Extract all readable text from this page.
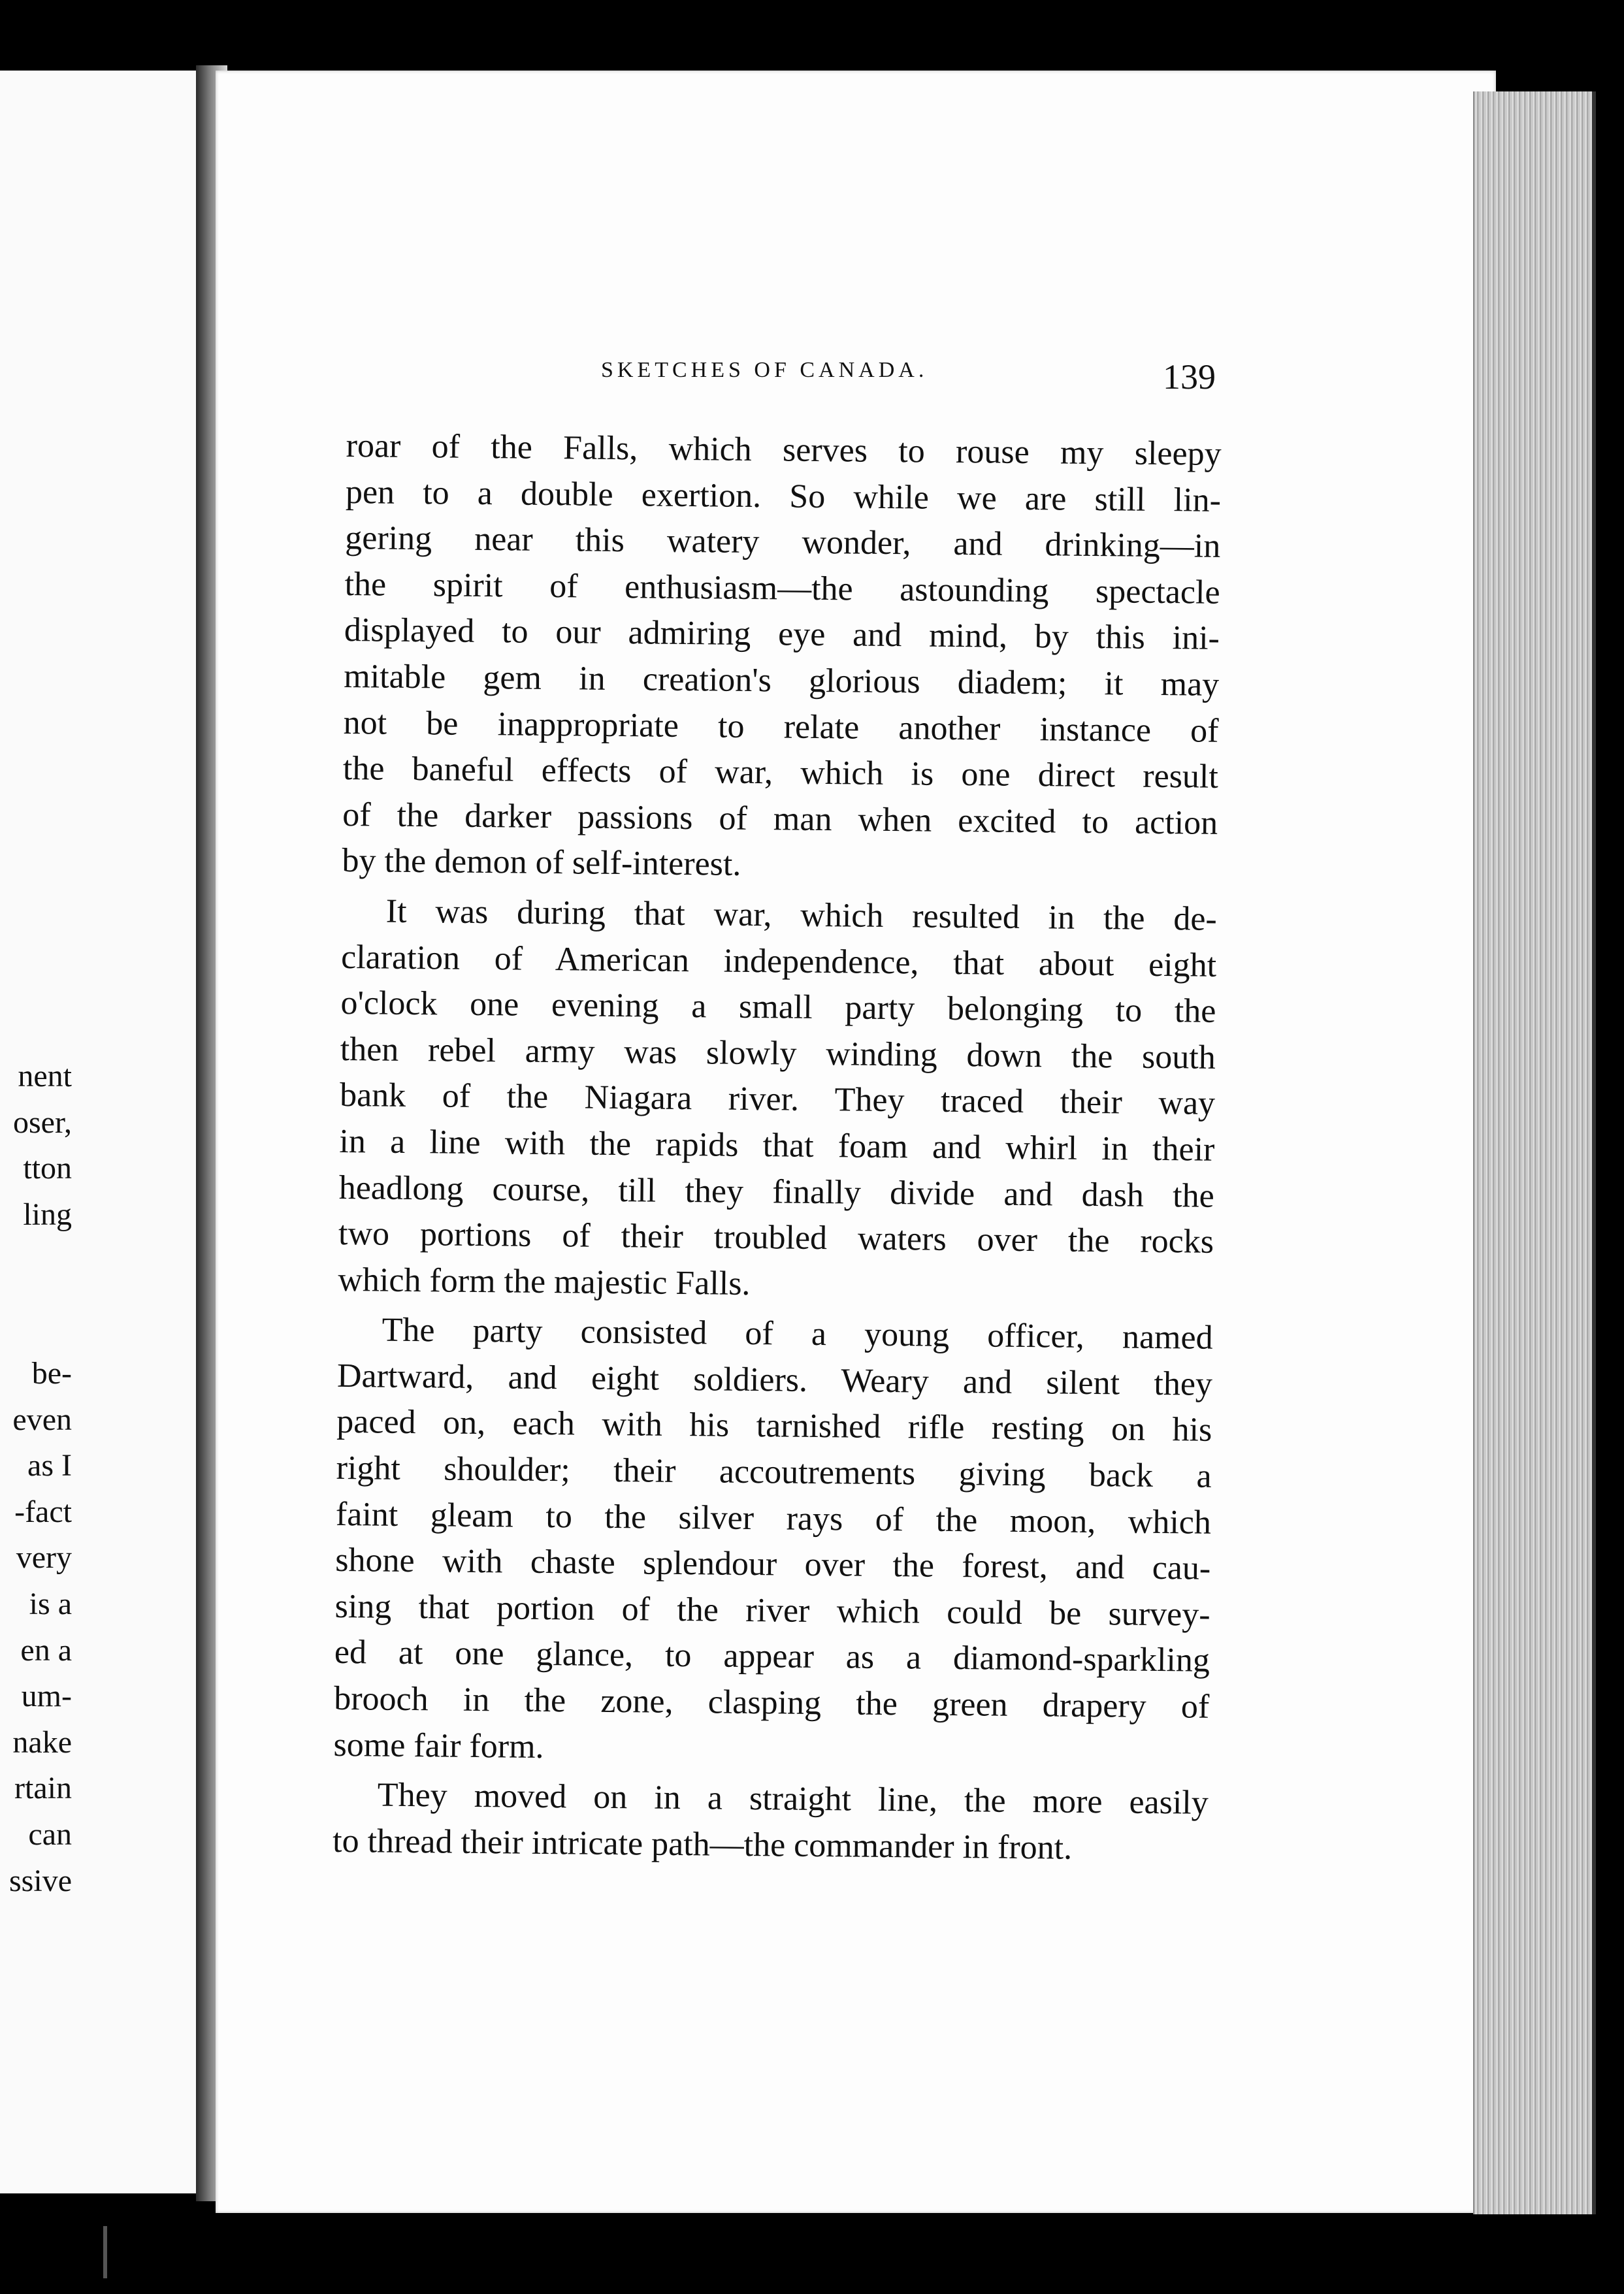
nent
oser,
tton
ling
be-
even
as I
-fact
very
is a
en a
um-
nake
rtain
can
ssive
SKETCHES OF CANADA.	139
roar of the Falls, which serves to rouse my sleepy
pen to a double exertion. So while we are still lin-
gering near this watery wonder, and drinking—in
the spirit of enthusiasm—the astounding spectacle
displayed to our admiring eye and mind, by this ini-
mitable gem in creation's glorious diadem; it may
not be inappropriate to relate another instance of
the baneful effects of war, which is one direct result
of the darker passions of man when excited to action
by the demon of self-interest.
It was during that war, which resulted in the de-
claration of American independence, that about eight
o'clock one evening a small party belonging to the
then rebel army was slowly winding down the south
bank of the Niagara river. They traced their way
in a line with the rapids that foam and whirl in their
headlong course, till they finally divide and dash the
two portions of their troubled waters over the rocks
which form the majestic Falls.
The party consisted of a young officer, named
Dartward, and eight soldiers. Weary and silent they
paced on, each with his tarnished rifle resting on his
right shoulder; their accoutrements giving back a
faint gleam to the silver rays of the moon, which
shone with chaste splendour over the forest, and cau-
sing that portion of the river which could be survey-
ed at one glance, to appear as a diamond-sparkling
brooch in the zone, clasping the green drapery of
some fair form.
They moved on in a straight line, the more easily
to thread their intricate path—the commander in front.
